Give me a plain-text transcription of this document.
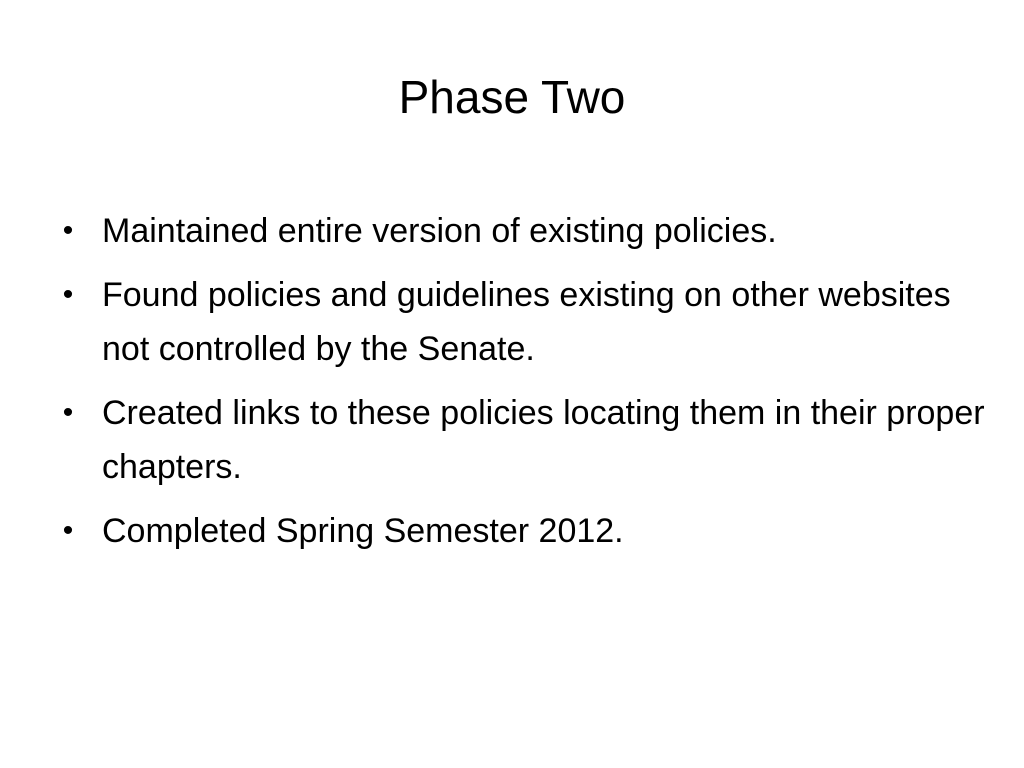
Phase Two
• Maintained entire version of existing policies.
• Found policies and guidelines existing on other websites not controlled by the Senate.
• Created links to these policies locating them in their proper chapters.
• Completed Spring Semester 2012.
